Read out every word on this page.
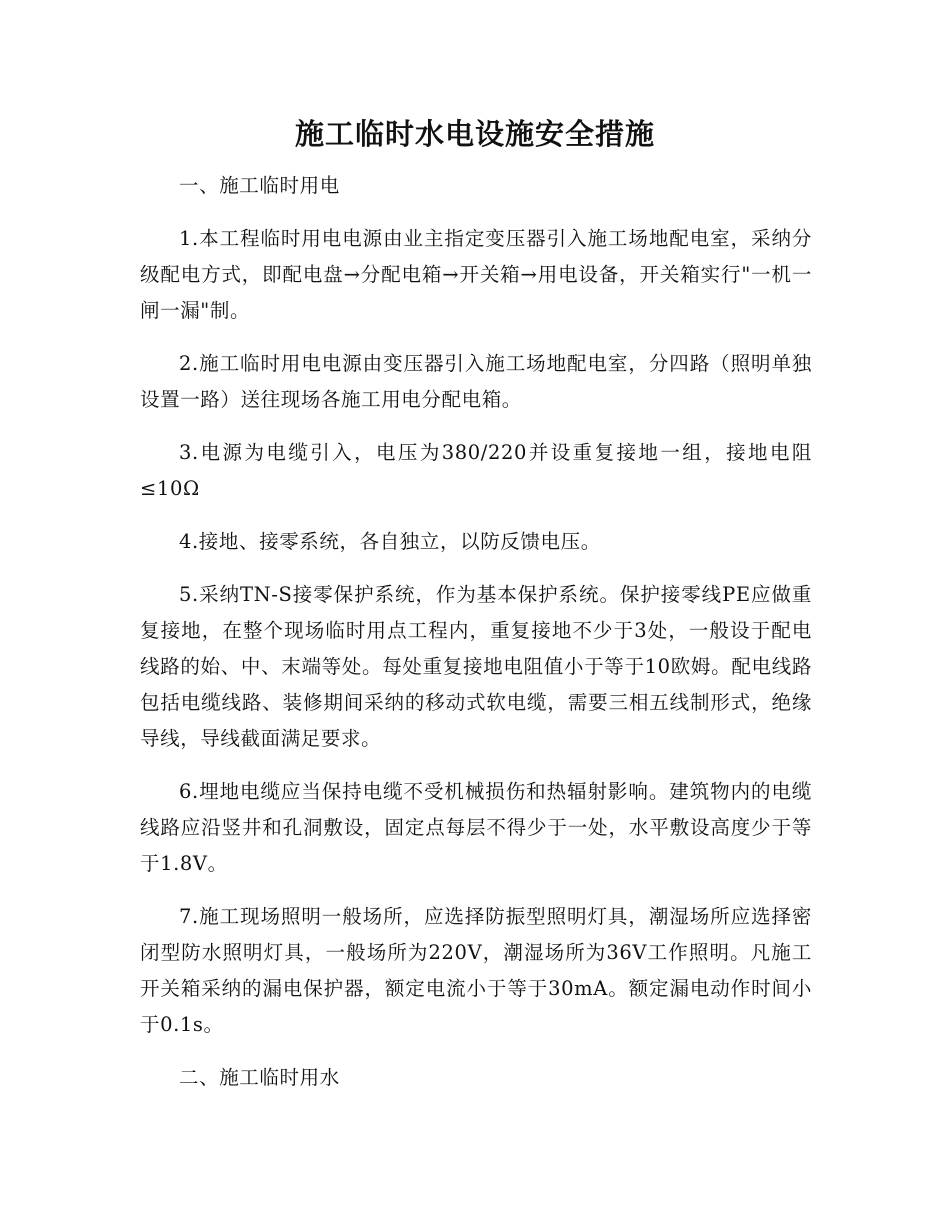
施工临时水电设施安全措施

一、施工临时用电

1.本工程临时用电电源由业主指定变压器引入施工场地配电室，采纳分级配电方式，即配电盘→分配电箱→开关箱→用电设备，开关箱实行"一机一闸一漏"制。

2.施工临时用电电源由变压器引入施工场地配电室，分四路（照明单独设置一路）送往现场各施工用电分配电箱。

3.电源为电缆引入，电压为380/220并设重复接地一组，接地电阻≤10Ω

4.接地、接零系统，各自独立，以防反馈电压。

5.采纳TN-S接零保护系统，作为基本保护系统。保护接零线PE应做重复接地，在整个现场临时用点工程内，重复接地不少于3处，一般设于配电线路的始、中、末端等处。每处重复接地电阻值小于等于10欧姆。配电线路包括电缆线路、装修期间采纳的移动式软电缆，需要三相五线制形式，绝缘导线，导线截面满足要求。

6.埋地电缆应当保持电缆不受机械损伤和热辐射影响。建筑物内的电缆线路应沿竖井和孔洞敷设，固定点每层不得少于一处，水平敷设高度少于等于1.8V。

7.施工现场照明一般场所，应选择防振型照明灯具，潮湿场所应选择密闭型防水照明灯具，一般场所为220V，潮湿场所为36V工作照明。凡施工开关箱采纳的漏电保护器，额定电流小于等于30mA。额定漏电动作时间小于0.1s。

二、施工临时用水
